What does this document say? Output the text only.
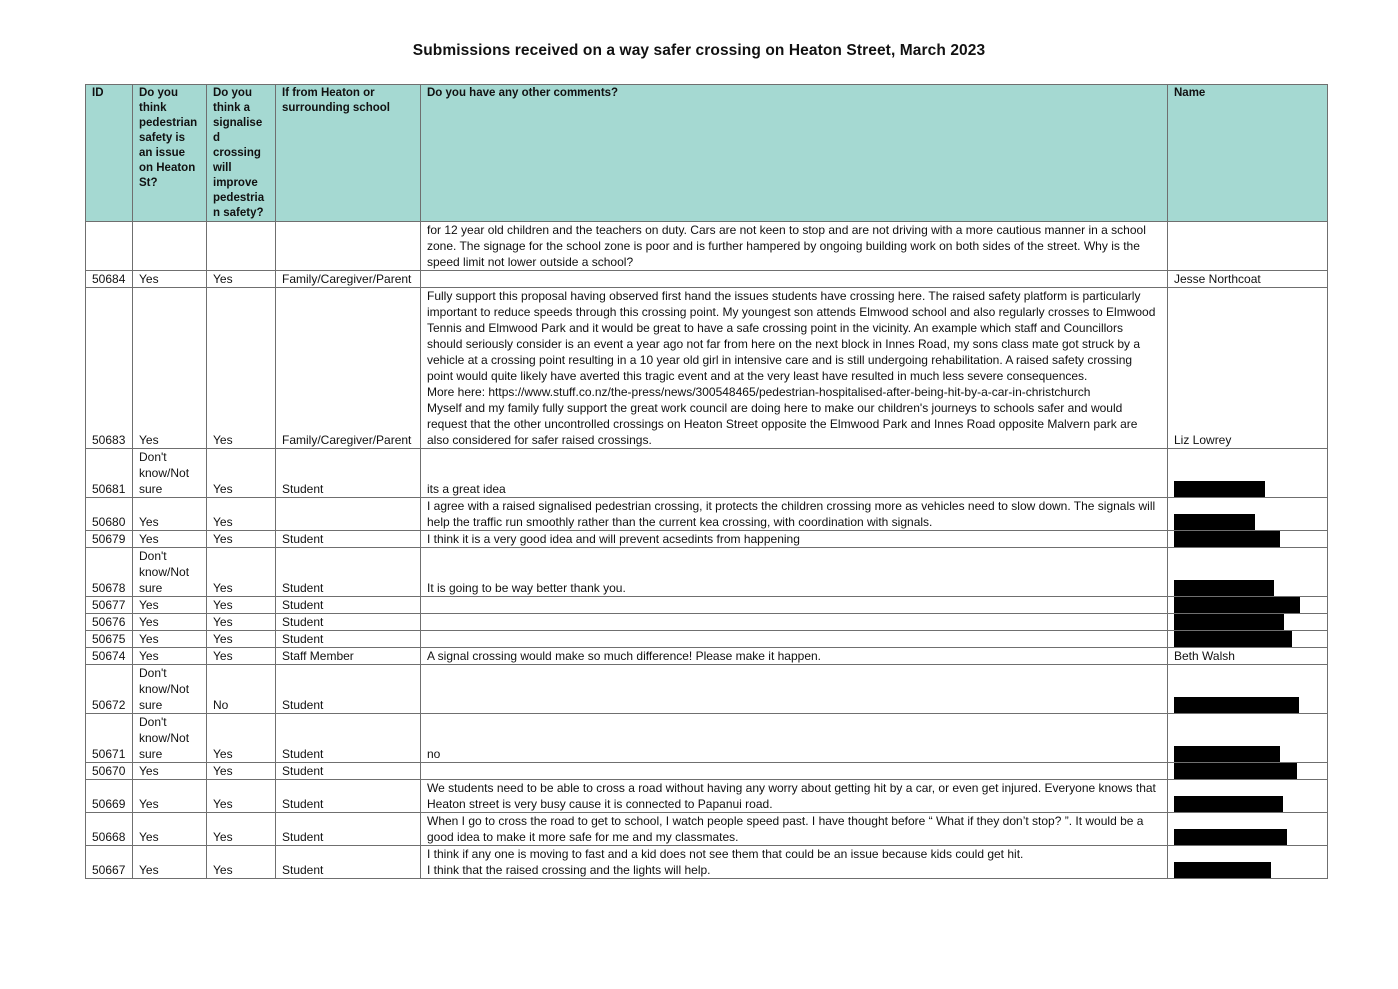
Submissions received on a way safer crossing on Heaton Street, March 2023
ID	Do you think pedestrian safety is an issue on Heaton St?	Do you think a signalised crossing will improve pedestrian safety?	If from Heaton or surrounding school	Do you have any other comments?	Name
				for 12 year old children and the teachers on duty. Cars are not keen to stop and are not driving with a more cautious manner in a school zone. The signage for the school zone is poor and is further hampered by ongoing building work on both sides of the street. Why is the speed limit not lower outside a school?	
50684	Yes	Yes	Family/Caregiver/Parent		Jesse Northcoat
50683	Yes	Yes	Family/Caregiver/Parent	Fully support this proposal having observed first hand the issues students have crossing here. The raised safety platform is particularly important to reduce speeds through this crossing point. My youngest son attends Elmwood school and also regularly crosses to Elmwood Tennis and Elmwood Park and it would be great to have a safe crossing point in the vicinity. An example which staff and Councillors should seriously consider is an event a year ago not far from here on the next block in Innes Road, my sons class mate got struck by a vehicle at a crossing point resulting in a 10 year old girl in intensive care and is still undergoing rehabilitation. A raised safety crossing point would quite likely have averted this tragic event and at the very least have resulted in much less severe consequences.
More here: https://www.stuff.co.nz/the-press/news/300548465/pedestrian-hospitalised-after-being-hit-by-a-car-in-christchurch
Myself and my family fully support the great work council are doing here to make our children's journeys to schools safer and would request that the other uncontrolled crossings on Heaton Street opposite the Elmwood Park and Innes Road opposite Malvern park are also considered for safer raised crossings.	Liz Lowrey
50681	Don't know/Not sure	Yes	Student	its a great idea	

50680	Yes	Yes		I agree with a raised signalised pedestrian crossing, it protects the children crossing more as vehicles need to slow down. The signals will help the traffic run smoothly rather than the current kea crossing, with coordination with signals.	

50679	Yes	Yes	Student	I think it is a very good idea and will prevent acsedints from happening	

50678	Don't know/Not sure	Yes	Student	It is going to be way better thank you.	

50677	Yes	Yes	Student		

50676	Yes	Yes	Student		

50675	Yes	Yes	Student		

50674	Yes	Yes	Staff Member	A signal crossing would make so much difference! Please make it happen.	Beth Walsh
50672	Don't know/Not sure	No	Student		

50671	Don't know/Not sure	Yes	Student	no	

50670	Yes	Yes	Student		

50669	Yes	Yes	Student	We students need to be able to cross a road without having any worry about getting hit by a car, or even get injured. Everyone knows that Heaton street is very busy cause it is connected to Papanui road.	

50668	Yes	Yes	Student	When I go to cross the road to get to school, I watch people speed past. I have thought before “ What if they don’t stop? ”. It would be a good idea to make it more safe for me and my classmates.	

50667	Yes	Yes	Student	I think if any one is moving to fast and a kid does not see them that could be an issue because kids could get hit.
I think that the raised crossing and the lights will help.	
